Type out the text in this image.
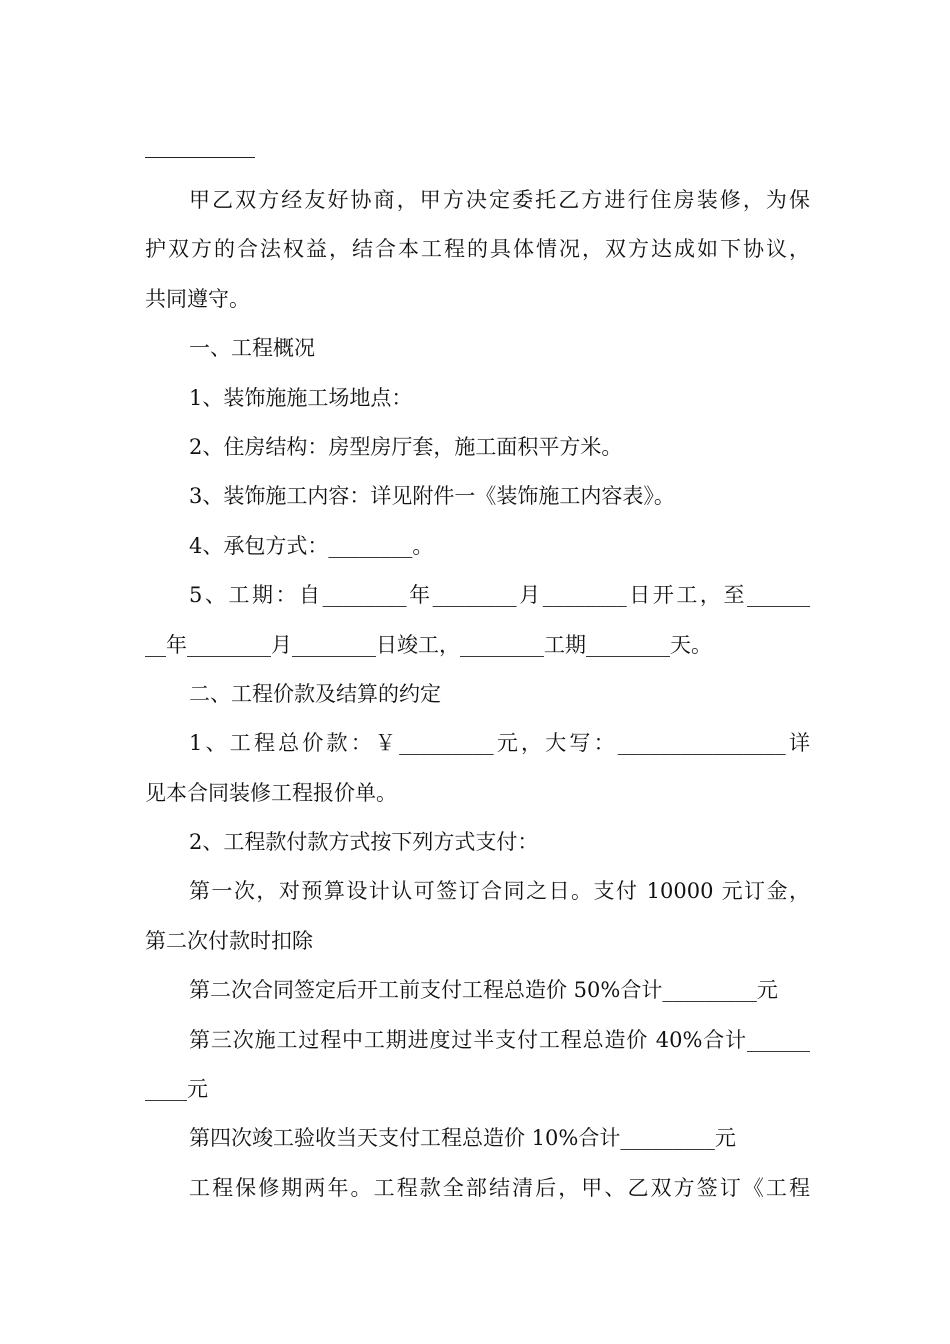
甲乙双方经友好协商，甲方决定委托乙方进行住房装修，为保
护双方的合法权益，结合本工程的具体情况，双方达成如下协议，
共同遵守。
一、工程概况
1、装饰施施工场地点：
2、住房结构：房型房厅套，施工面积平方米。
3、装饰施工内容：详见附件一《装饰施工内容表》。
4、承包方式：________。
5、工期：自________年________月________日开工，至______
__年________月________日竣工，________工期________天。
二、工程价款及结算的约定
1、工程总价款：￥_________元，大写：________________详
见本合同装修工程报价单。
2、工程款付款方式按下列方式支付：
第一次，对预算设计认可签订合同之日。支付 10000 元订金，
第二次付款时扣除
第二次合同签定后开工前支付工程总造价 50%合计_________元
第三次施工过程中工期进度过半支付工程总造价 40%合计______
____元
第四次竣工验收当天支付工程总造价 10%合计_________元
工程保修期两年。工程款全部结清后，甲、乙双方签订《工程
